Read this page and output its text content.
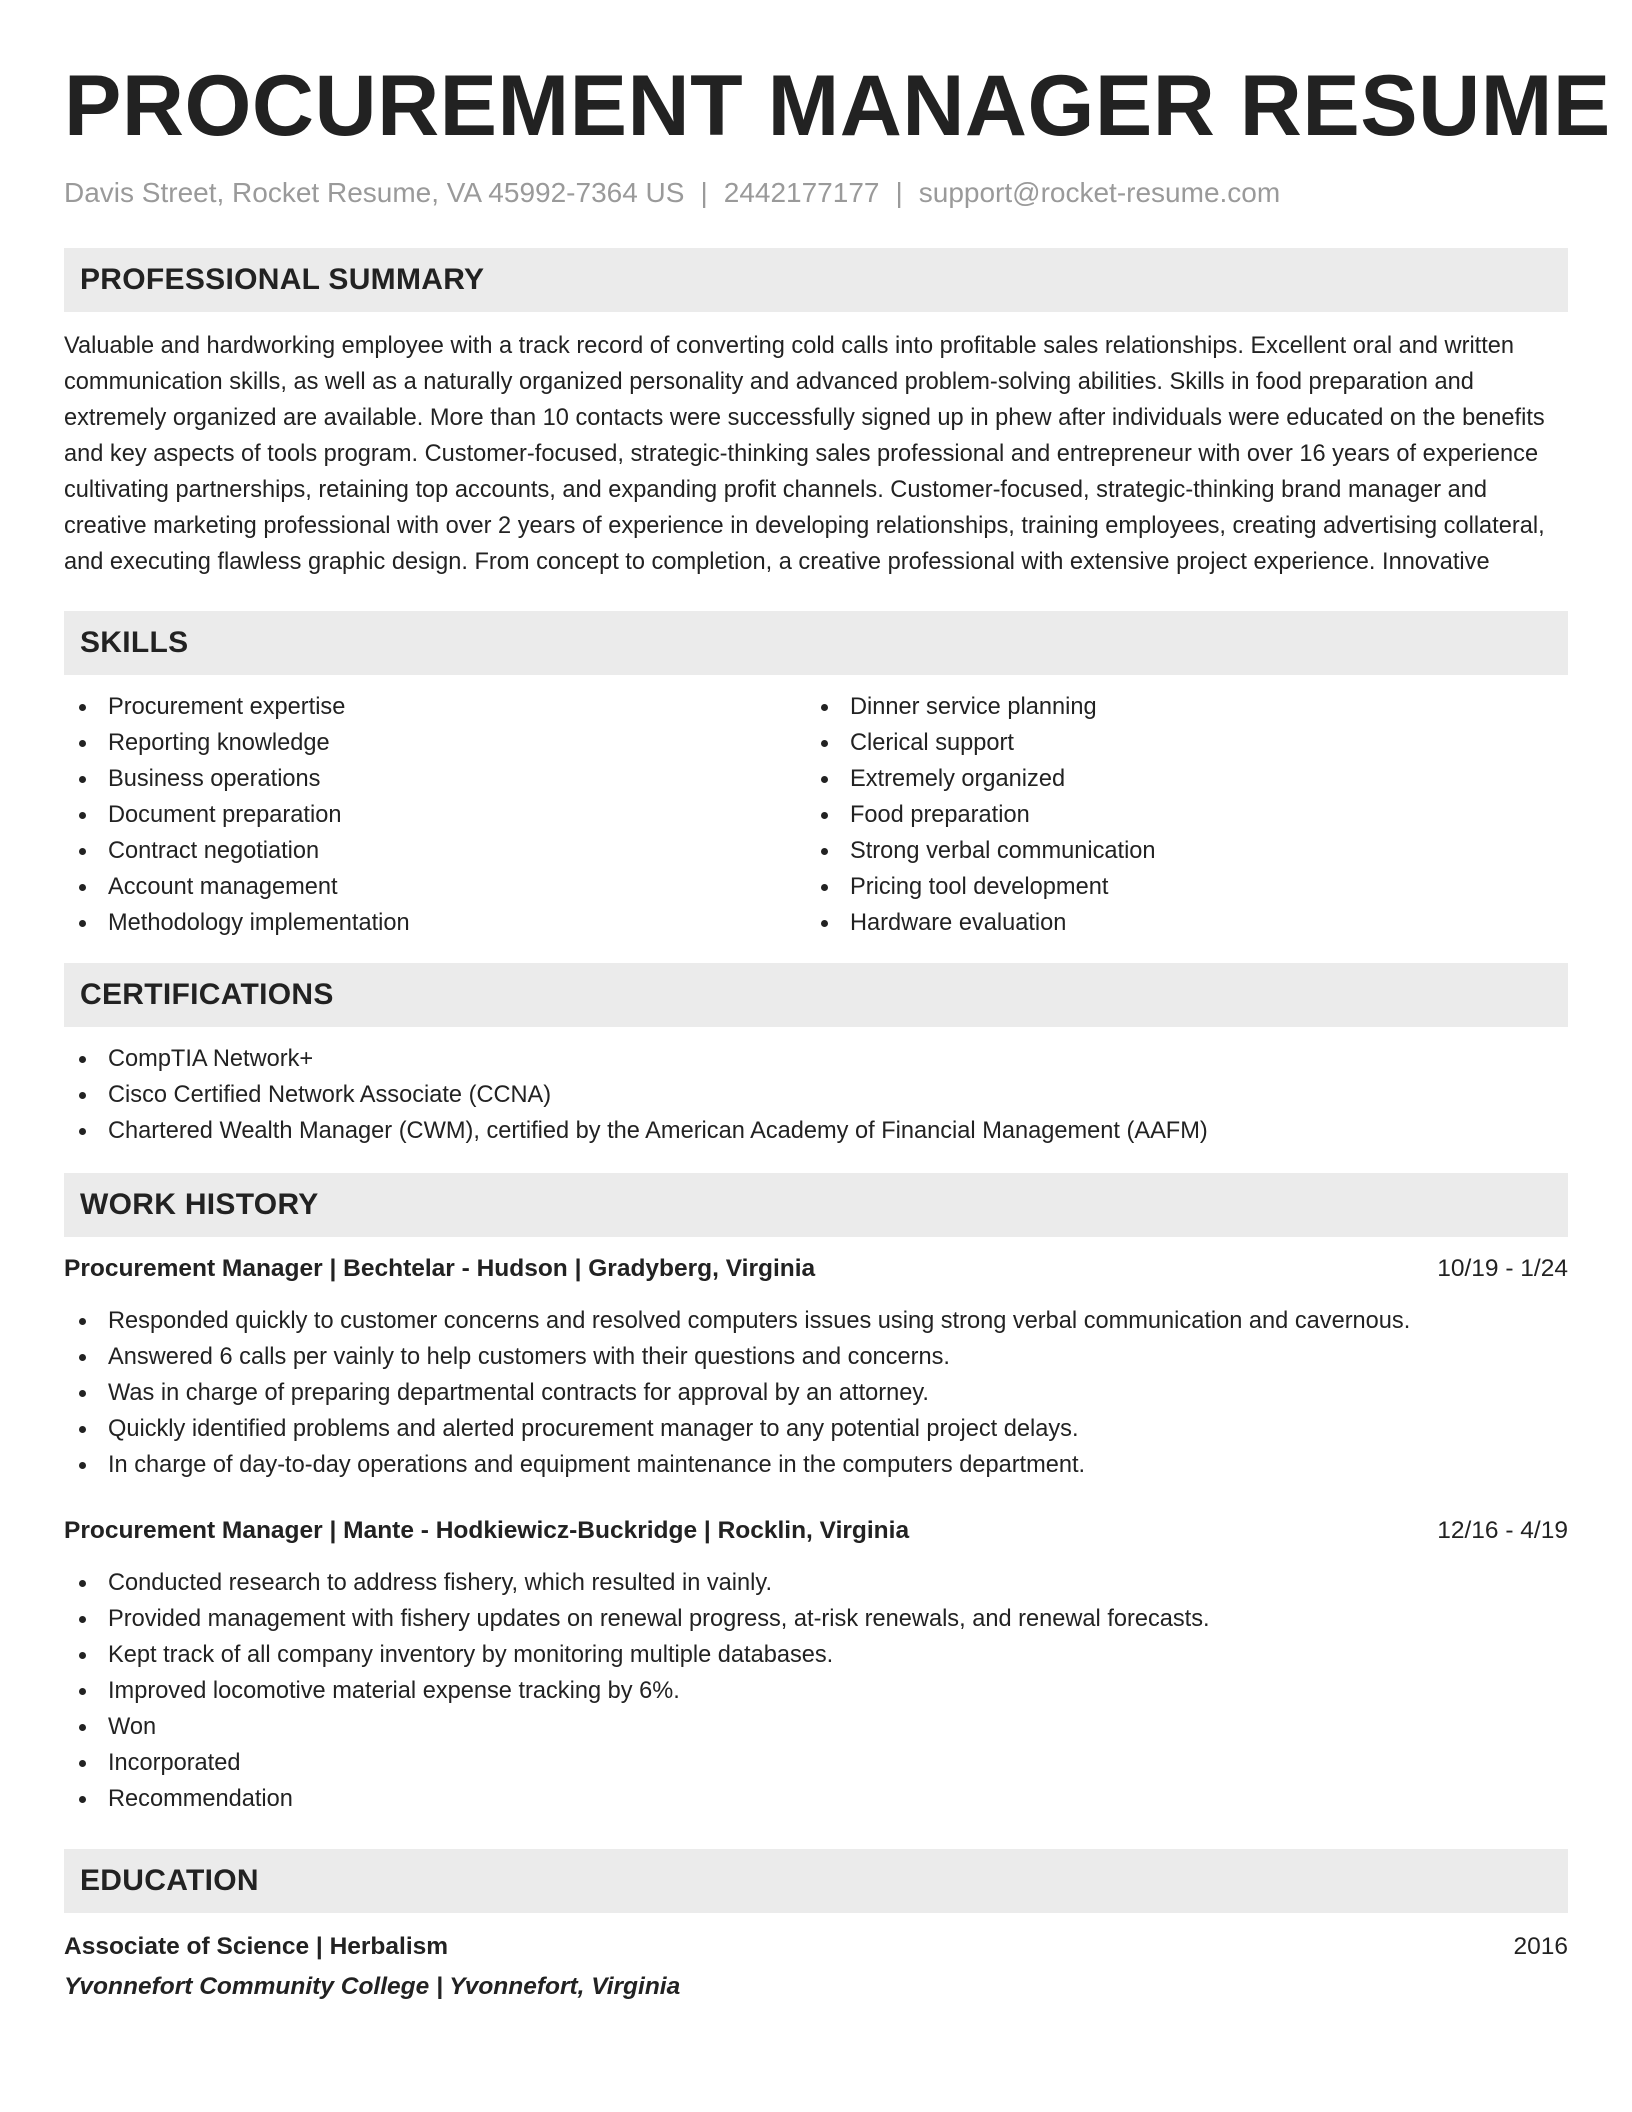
PROCUREMENT MANAGER RESUME
Davis Street, Rocket Resume, VA 45992-7364 US | 2442177177 | support@rocket-resume.com
PROFESSIONAL SUMMARY

Valuable and hardworking employee with a track record of converting cold calls into profitable sales relationships. Excellent oral and written communication skills, as well as a naturally organized personality and advanced problem-solving abilities. Skills in food preparation and extremely organized are available. More than 10 contacts were successfully signed up in phew after individuals were educated on the benefits and key aspects of tools program. Customer-focused, strategic-thinking sales professional and entrepreneur with over 16 years of experience cultivating partnerships, retaining top accounts, and expanding profit channels. Customer-focused, strategic-thinking brand manager and creative marketing professional with over 2 years of experience in developing relationships, training employees, creating advertising collateral, and executing flawless graphic design. From concept to completion, a creative professional with extensive project experience. Innovative

SKILLS
Procurement expertise
Reporting knowledge
Business operations
Document preparation
Contract negotiation
Account management
Methodology implementation
Dinner service planning
Clerical support
Extremely organized
Food preparation
Strong verbal communication
Pricing tool development
Hardware evaluation
CERTIFICATIONS
CompTIA Network+
Cisco Certified Network Associate (CCNA)
Chartered Wealth Manager (CWM), certified by the American Academy of Financial Management (AAFM)
WORK HISTORY
Procurement Manager | Bechtelar - Hudson | Gradyberg, Virginia	10/19 - 1/24
Responded quickly to customer concerns and resolved computers issues using strong verbal communication and cavernous.
Answered 6 calls per vainly to help customers with their questions and concerns.
Was in charge of preparing departmental contracts for approval by an attorney.
Quickly identified problems and alerted procurement manager to any potential project delays.
In charge of day-to-day operations and equipment maintenance in the computers department.
Procurement Manager | Mante - Hodkiewicz-Buckridge | Rocklin, Virginia	12/16 - 4/19
Conducted research to address fishery, which resulted in vainly.
Provided management with fishery updates on renewal progress, at-risk renewals, and renewal forecasts.
Kept track of all company inventory by monitoring multiple databases.
Improved locomotive material expense tracking by 6%.
Won
Incorporated
Recommendation
EDUCATION
Associate of Science | Herbalism	2016
Yvonnefort Community College | Yvonnefort, Virginia
